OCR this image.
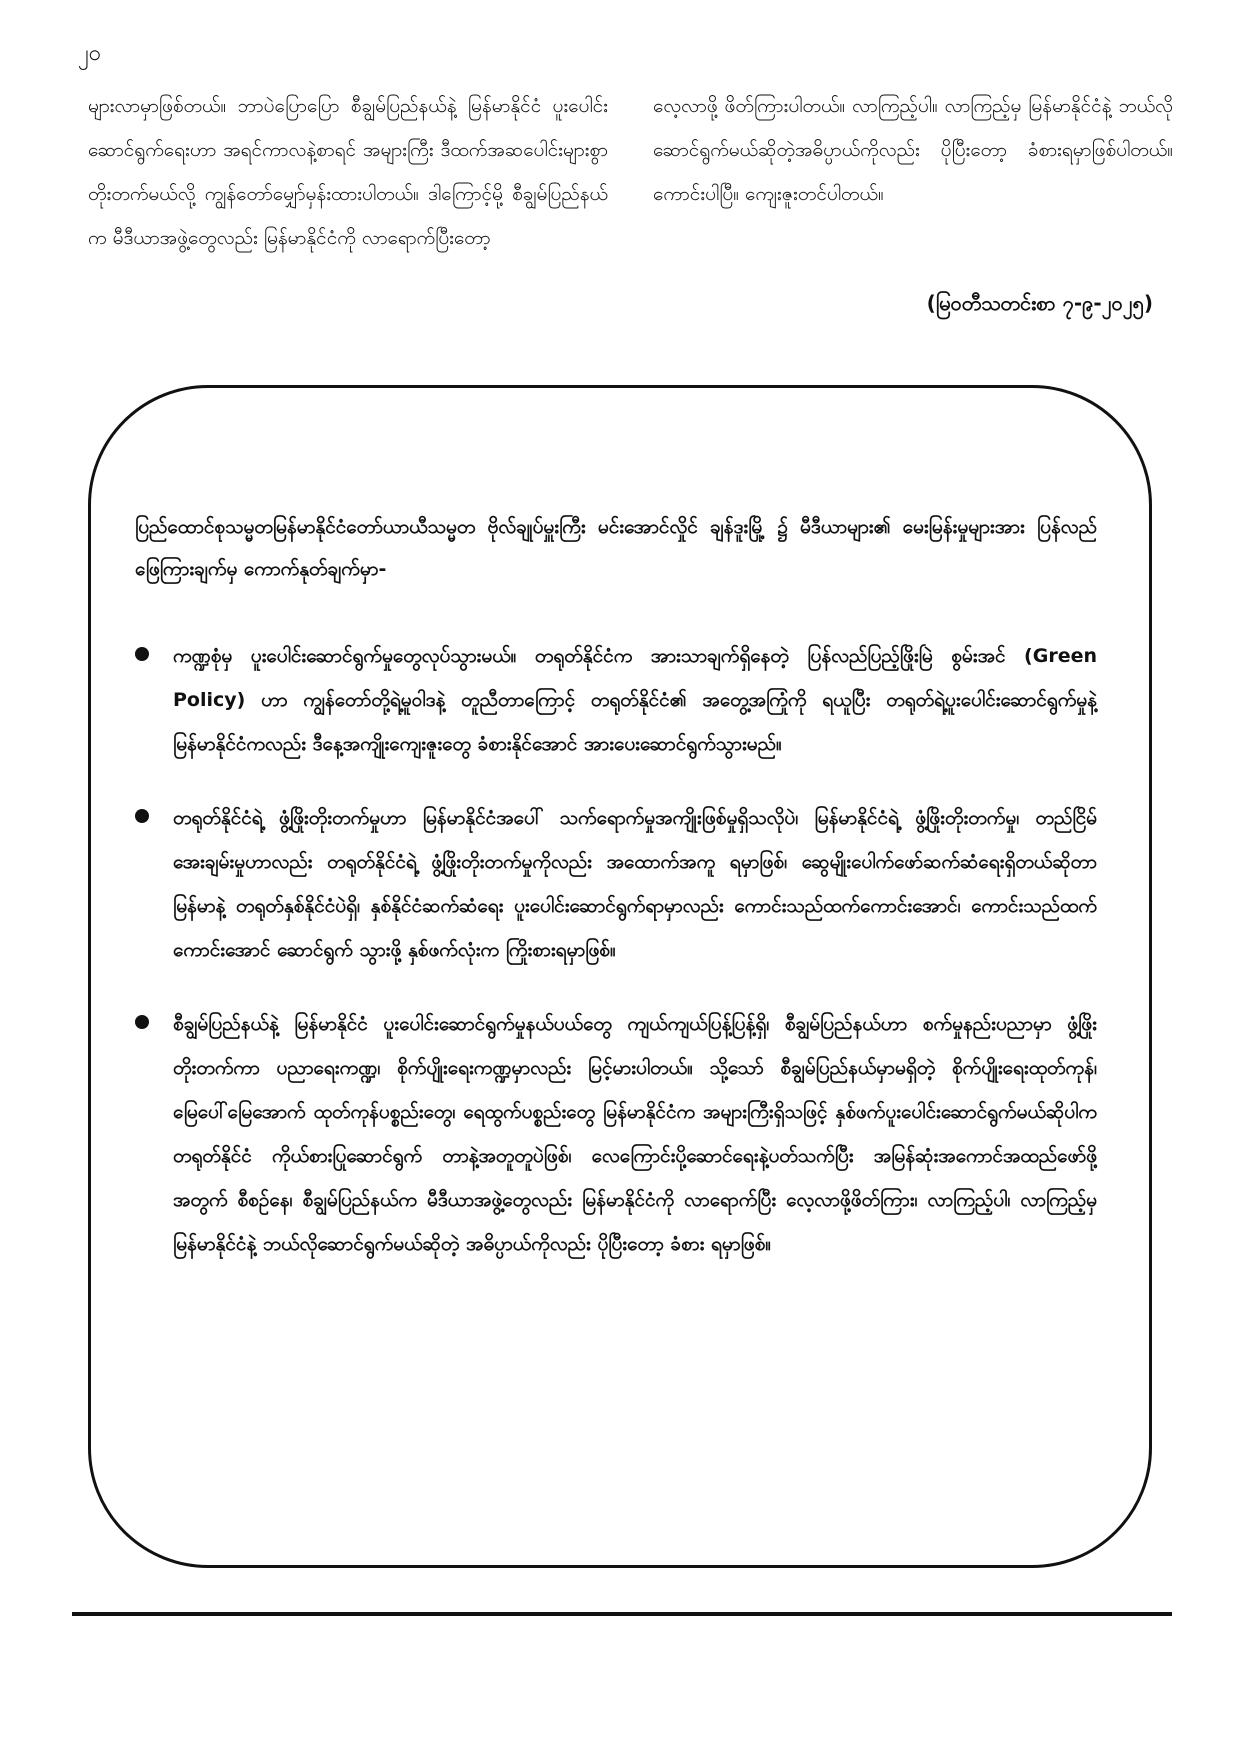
၂၀

များလာမှာဖြစ်တယ်။ ဘာပဲပြောပြော စီချွမ်ပြည်နယ်နဲ့ မြန်မာနိုင်ငံ ပူးပေါင်းဆောင်ရွက်ရေးဟာ အရင်ကာလနဲ့စာရင် အများကြီး ဒီထက်အဆပေါင်းများစွာ တိုးတက်မယ်လို့ ကျွန်တော်မျှော်မှန်းထားပါတယ်။ ဒါကြောင့်မို့ စီချွမ်ပြည်နယ်က မီဒီယာအဖွဲ့တွေလည်း မြန်မာနိုင်ငံကို လာရောက်ပြီးတော့

လေ့လာဖို့ ဖိတ်ကြားပါတယ်။ လာကြည့်ပါ။ လာကြည့်မှ မြန်မာနိုင်ငံနဲ့ ဘယ်လိုဆောင်ရွက်မယ်ဆိုတဲ့အဓိပ္ပာယ်ကိုလည်း ပိုပြီးတော့ ခံစားရမှာဖြစ်ပါတယ်။ ကောင်းပါပြီ။ ကျေးဇူးတင်ပါတယ်။

(မြဝတီသတင်းစာ ၇-၉-၂၀၂၅)

ပြည်ထောင်စုသမ္မတမြန်မာနိုင်ငံတော်ယာယီသမ္မတ ဗိုလ်ချုပ်မှူးကြီး မင်းအောင်လှိုင် ချန်ဒူးမြို့ ၌ မီဒီယာများ၏ မေးမြန်းမှုများအား ပြန်လည်ဖြေကြားချက်မှ ကောက်နုတ်ချက်မှာ-

ကဏ္ဍစုံမှ ပူးပေါင်းဆောင်ရွက်မှုတွေလုပ်သွားမယ်။ တရုတ်နိုင်ငံက အားသာချက်ရှိနေတဲ့ ပြန်လည်ပြည့်ဖြိုးမြဲ စွမ်းအင် (Green Policy) ဟာ ကျွန်တော်တို့ရဲ့မူဝါဒနဲ့ တူညီတာကြောင့် တရုတ်နိုင်ငံ၏ အတွေ့အကြုံကို ရယူပြီး တရုတ်ရဲ့ပူးပေါင်းဆောင်ရွက်မှုနဲ့ မြန်မာနိုင်ငံကလည်း ဒီနေ့အကျိုးကျေးဇူးတွေ ခံစားနိုင်အောင် အားပေးဆောင်ရွက်သွားမည်။
တရုတ်နိုင်ငံရဲ့ ဖွံ့ဖြိုးတိုးတက်မှုဟာ မြန်မာနိုင်ငံအပေါ် သက်ရောက်မှုအကျိုးဖြစ်မှုရှိသလိုပဲ၊ မြန်မာနိုင်ငံရဲ့ ဖွံ့ဖြိုးတိုးတက်မှု၊ တည်ငြိမ်အေးချမ်းမှုဟာလည်း တရုတ်နိုင်ငံရဲ့ ဖွံ့ဖြိုးတိုးတက်မှုကိုလည်း အထောက်အကူ ရမှာဖြစ်၊ ဆွေမျိုးပေါက်ဖော်ဆက်ဆံရေးရှိတယ်ဆိုတာ မြန်မာနဲ့ တရုတ်နှစ်နိုင်ငံပဲရှိ၊ နှစ်နိုင်ငံဆက်ဆံရေး ပူးပေါင်းဆောင်ရွက်ရာမှာလည်း ကောင်းသည်ထက်ကောင်းအောင်၊ ကောင်းသည်ထက်ကောင်းအောင် ဆောင်ရွက် သွားဖို့ နှစ်ဖက်လုံးက ကြိုးစားရမှာဖြစ်။
စီချွမ်ပြည်နယ်နဲ့ မြန်မာနိုင်ငံ ပူးပေါင်းဆောင်ရွက်မှုနယ်ပယ်တွေ ကျယ်ကျယ်ပြန့်ပြန့်ရှိ၊ စီချွမ်ပြည်နယ်ဟာ စက်မှုနည်းပညာမှာ ဖွံ့ဖြိုးတိုးတက်ကာ ပညာရေးကဏ္ဍ၊ စိုက်ပျိုးရေးကဏ္ဍမှာလည်း မြင့်မားပါတယ်။ သို့သော် စီချွမ်ပြည်နယ်မှာမရှိတဲ့ စိုက်ပျိုးရေးထုတ်ကုန်၊ မြေပေါ်မြေအောက် ထုတ်ကုန်ပစ္စည်းတွေ၊ ရေထွက်ပစ္စည်းတွေ မြန်မာနိုင်ငံက အများကြီးရှိသဖြင့် နှစ်ဖက်ပူးပေါင်းဆောင်ရွက်မယ်ဆိုပါက တရုတ်နိုင်ငံ ကိုယ်စားပြုဆောင်ရွက် တာနဲ့အတူတူပဲဖြစ်၊ လေကြောင်းပို့ဆောင်ရေးနဲ့ပတ်သက်ပြီး အမြန်ဆုံးအကောင်အထည်ဖော်ဖို့အတွက် စီစဉ်နေ၊ စီချွမ်ပြည်နယ်က မီဒီယာအဖွဲ့တွေလည်း မြန်မာနိုင်ငံကို လာရောက်ပြီး လေ့လာဖို့ဖိတ်ကြား၊ လာကြည့်ပါ၊ လာကြည့်မှ မြန်မာနိုင်ငံနဲ့ ဘယ်လိုဆောင်ရွက်မယ်ဆိုတဲ့ အဓိပ္ပာယ်ကိုလည်း ပိုပြီးတော့ ခံစား ရမှာဖြစ်။
